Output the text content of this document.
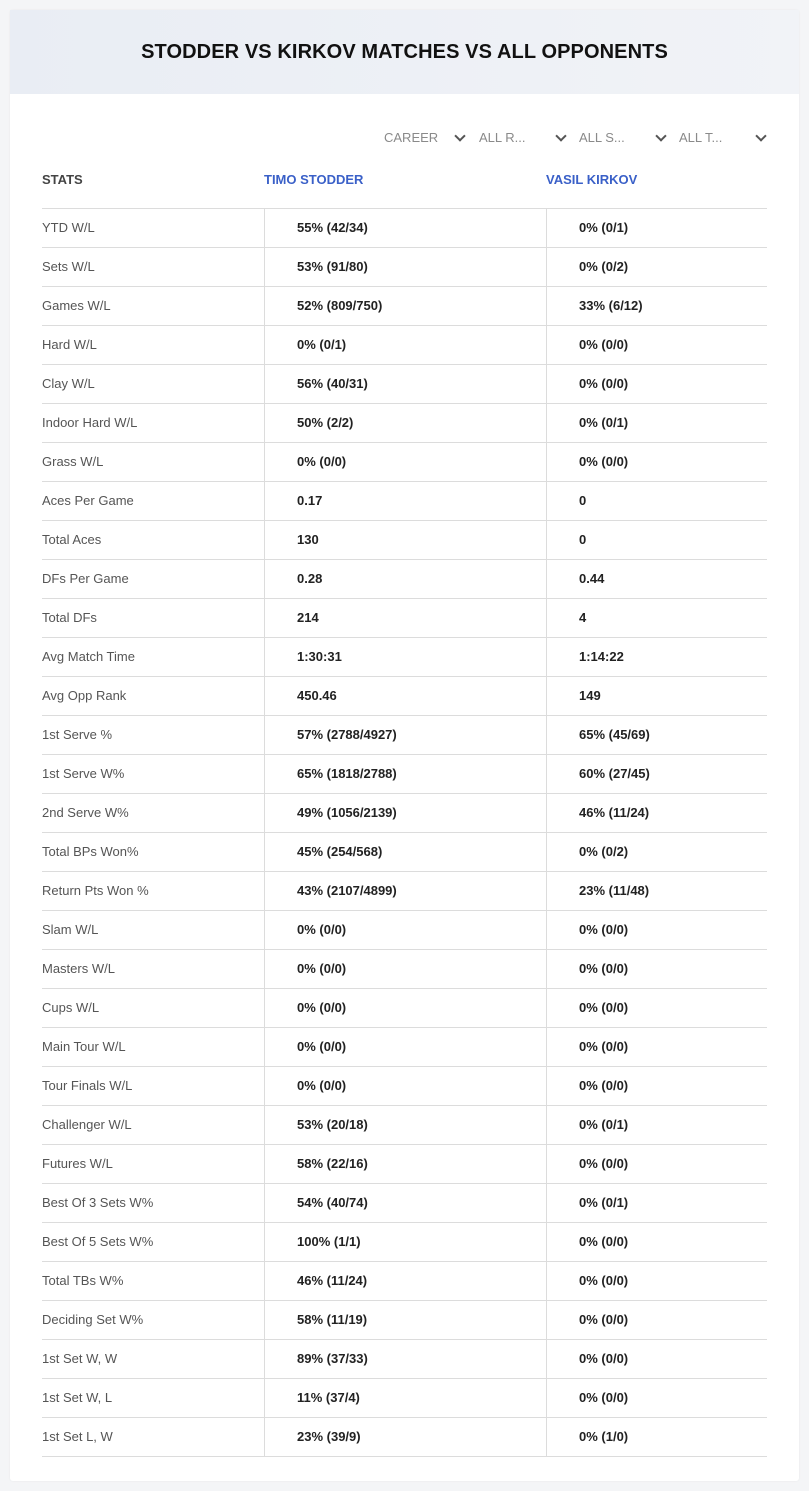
STODDER VS KIRKOV MATCHES VS ALL OPPONENTS
CAREER	ALL R...	ALL S...	ALL T...
STATS	TIMO STODDER	VASIL KIRKOV
YTD W/L	55% (42/34)	0% (0/1)
Sets W/L	53% (91/80)	0% (0/2)
Games W/L	52% (809/750)	33% (6/12)
Hard W/L	0% (0/1)	0% (0/0)
Clay W/L	56% (40/31)	0% (0/0)
Indoor Hard W/L	50% (2/2)	0% (0/1)
Grass W/L	0% (0/0)	0% (0/0)
Aces Per Game	0.17	0
Total Aces	130	0
DFs Per Game	0.28	0.44
Total DFs	214	4
Avg Match Time	1:30:31	1:14:22
Avg Opp Rank	450.46	149
1st Serve %	57% (2788/4927)	65% (45/69)
1st Serve W%	65% (1818/2788)	60% (27/45)
2nd Serve W%	49% (1056/2139)	46% (11/24)
Total BPs Won%	45% (254/568)	0% (0/2)
Return Pts Won %	43% (2107/4899)	23% (11/48)
Slam W/L	0% (0/0)	0% (0/0)
Masters W/L	0% (0/0)	0% (0/0)
Cups W/L	0% (0/0)	0% (0/0)
Main Tour W/L	0% (0/0)	0% (0/0)
Tour Finals W/L	0% (0/0)	0% (0/0)
Challenger W/L	53% (20/18)	0% (0/1)
Futures W/L	58% (22/16)	0% (0/0)
Best Of 3 Sets W%	54% (40/74)	0% (0/1)
Best Of 5 Sets W%	100% (1/1)	0% (0/0)
Total TBs W%	46% (11/24)	0% (0/0)
Deciding Set W%	58% (11/19)	0% (0/0)
1st Set W, W	89% (37/33)	0% (0/0)
1st Set W, L	11% (37/4)	0% (0/0)
1st Set L, W	23% (39/9)	0% (1/0)
